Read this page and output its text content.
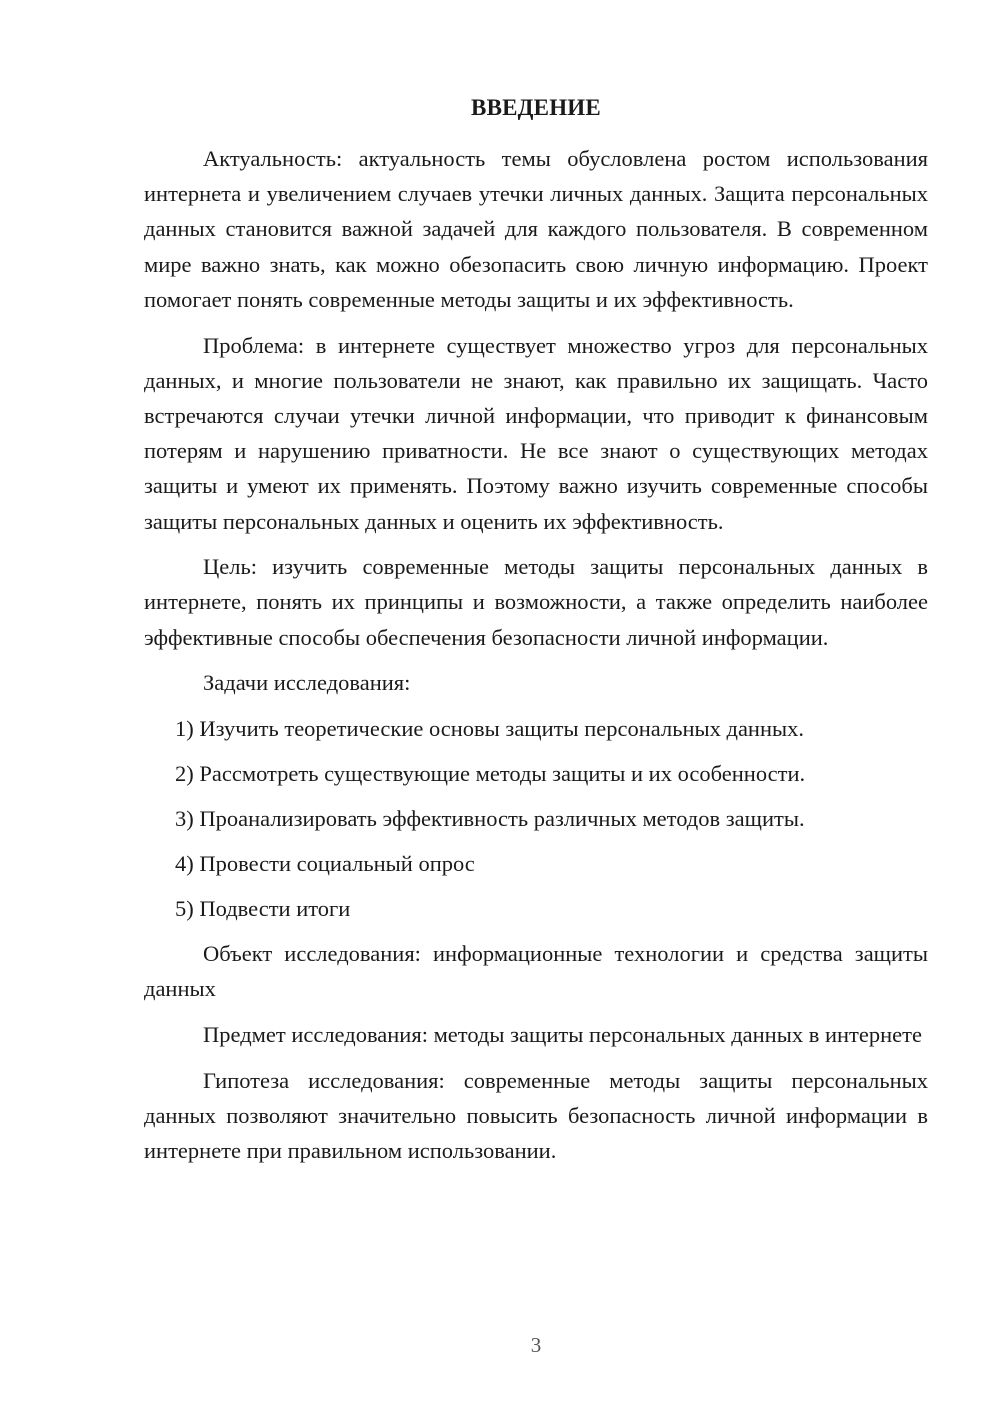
ВВЕДЕНИЕ

Актуальность: актуальность темы обусловлена ростом использования интернета и увеличением случаев утечки личных данных. Защита персональных данных становится важной задачей для каждого пользователя. В современном мире важно знать, как можно обезопасить свою личную информацию. Проект помогает понять современные методы защиты и их эффективность.

Проблема: в интернете существует множество угроз для персональных данных, и многие пользователи не знают, как правильно их защищать. Часто встречаются случаи утечки личной информации, что приводит к финансовым потерям и нарушению приватности. Не все знают о существующих методах защиты и умеют их применять. Поэтому важно изучить современные способы защиты персональных данных и оценить их эффективность.

Цель: изучить современные методы защиты персональных данных в интернете, понять их принципы и возможности, а также определить наиболее эффективные способы обеспечения безопасности личной информации.

Задачи исследования:

1) Изучить теоретические основы защиты персональных данных.

2) Рассмотреть существующие методы защиты и их особенности.

3) Проанализировать эффективность различных методов защиты.

4) Провести социальный опрос

5) Подвести итоги

Объект исследования: информационные технологии и средства защиты данных

Предмет исследования: методы защиты персональных данных в интернете

Гипотеза исследования: современные методы защиты персональных данных позволяют значительно повысить безопасность личной информации в интернете при правильном использовании.

3
